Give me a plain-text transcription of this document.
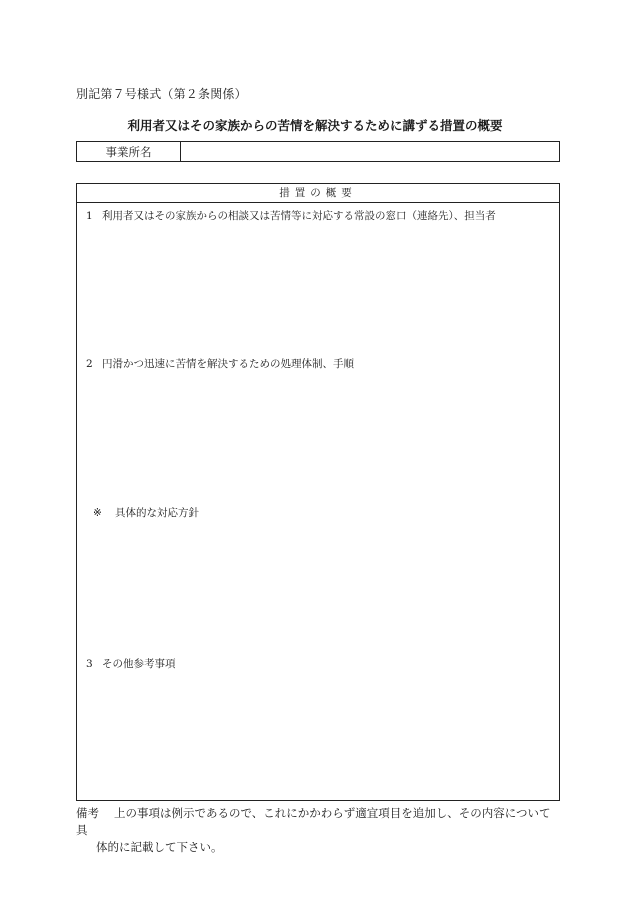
別記第７号様式（第２条関係）
利用者又はその家族からの苦情を解決するために講ずる措置の概要
事業所名
措置の概要
1 利用者又はその家族からの相談又は苦情等に対応する常設の窓口（連絡先）、担当者
2 円滑かつ迅速に苦情を解決するための処理体制、手順
※ 具体的な対応方針
3 その他参考事項
備考 上の事項は例示であるので、これにかかわらず適宜項目を追加し、その内容について具
体的に記載して下さい。
